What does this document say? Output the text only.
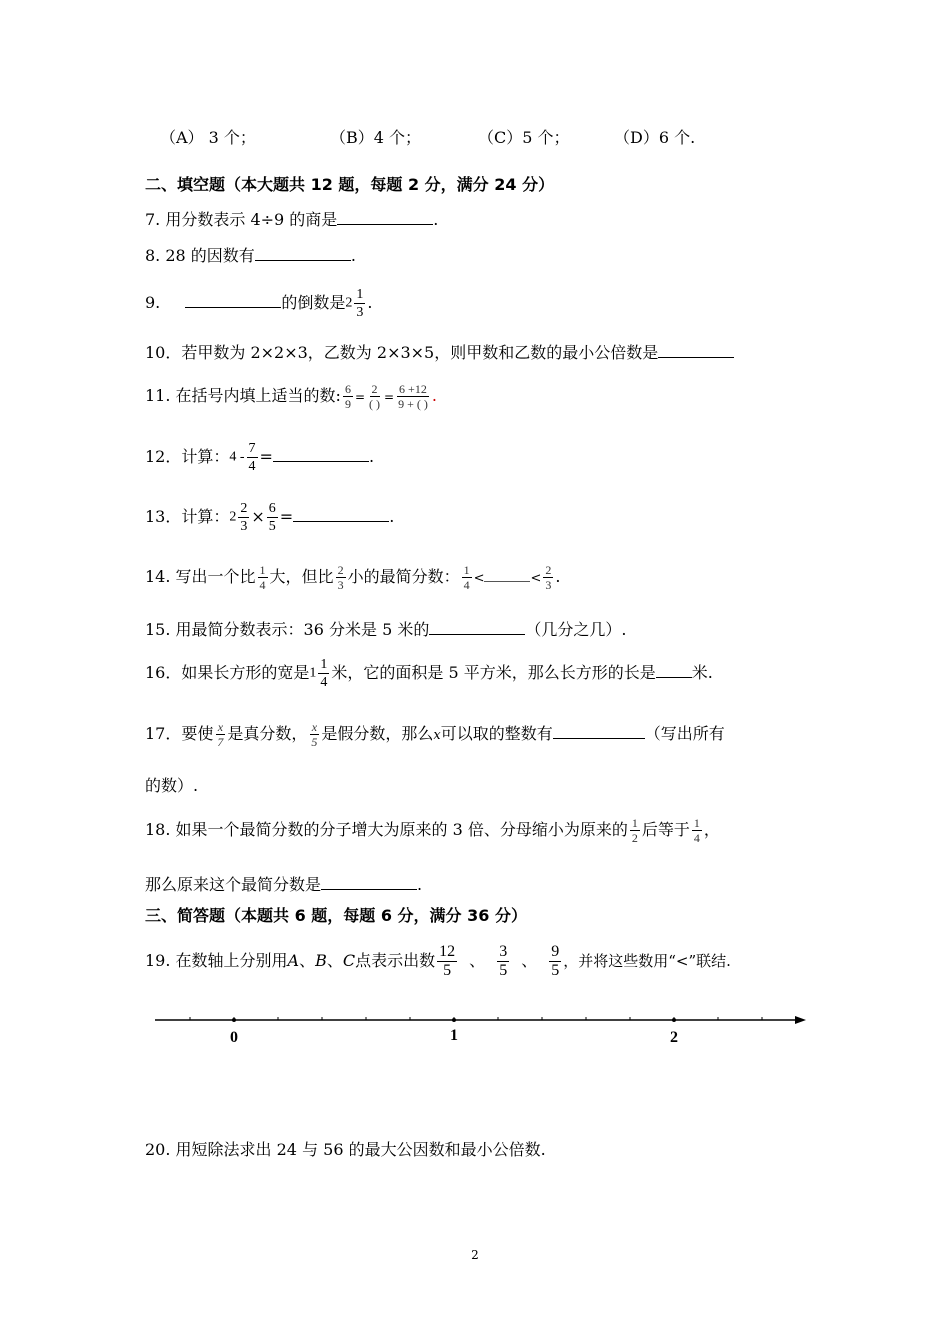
（A） 3 个；	（B）4 个；	（C）5 个；	（D）6 个.
二、填空题（本大题共 12 题，每题 2 分，满分 24 分）
7. 用分数表示 4÷9 的商是	.
8. 28 的因数有	.
9.	的倒数是$2 \frac{1}{3}$ .
10．若甲数为 2×2×3，乙数为 2×3×5，则甲数和乙数的最小公倍数是
11. 在括号内填上适当的数: $\frac{6}{9} = \frac{2}{( )} = \frac{6 +12}{9 + ( )}$ .
12．计算：$4 - \frac{7}{4}$ =	.
13．计算：$2 \frac{2}{3} \times \frac{6}{5}$ =	.
14. 写出一个比 $\frac{1}{4}$ 大，但比 $\frac{2}{3}$ 小的最简分数： $\frac{1}{4}$ <	< $\frac{2}{3}$ .
15. 用最简分数表示：36 分米是 5 米的	（几分之几）.
16．如果长方形的宽是$1 \frac{1}{4}$ 米，它的面积是 5 平方米，那么长方形的长是 米.
17．要使 $\frac{x}{7}$ 是真分数， $\frac{x}{5}$ 是假分数，那么x可以取的整数有	（写出所有
的数）.
18. 如果一个最简分数的分子增大为原来的 3 倍、分母缩小为原来的 $\frac{1}{2}$ 后等于 $\frac{1}{4}$ ，
那么原来这个最简分数是	.
三、简答题（本题共 6 题，每题 6 分，满分 36 分）
19. 在数轴上分别用A、B、C点表示出数 $\frac{12}{5}$ 、 $\frac{3}{5}$ 、 $\frac{9}{5}$ ，并将这些数用“<”联结.
0	1	2
20. 用短除法求出 24 与 56 的最大公因数和最小公倍数.
2
